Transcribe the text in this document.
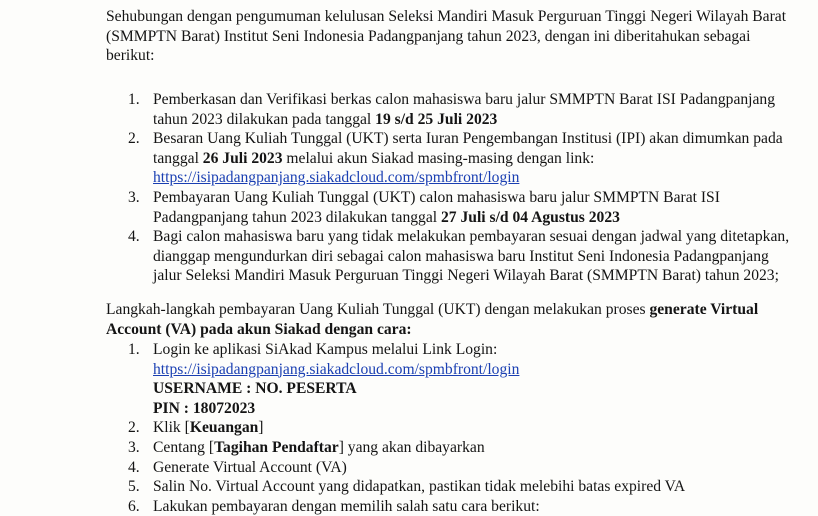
Sehubungan dengan pengumuman kelulusan Seleksi Mandiri Masuk Perguruan Tinggi Negeri Wilayah Barat (SMMPTN Barat) Institut Seni Indonesia Padangpanjang tahun 2023, dengan ini diberitahukan sebagai berikut:

1. Pemberkasan dan Verifikasi berkas calon mahasiswa baru jalur SMMPTN Barat ISI Padangpanjang tahun 2023 dilakukan pada tanggal 19 s/d 25 Juli 2023
2. Besaran Uang Kuliah Tunggal (UKT) serta Iuran Pengembangan Institusi (IPI) akan dimumkan pada tanggal 26 Juli 2023 melalui akun Siakad masing-masing dengan link:
https://isipadangpanjang.siakadcloud.com/spmbfront/login
3. Pembayaran Uang Kuliah Tunggal (UKT) calon mahasiswa baru jalur SMMPTN Barat ISI Padangpanjang tahun 2023 dilakukan tanggal 27 Juli s/d 04 Agustus 2023
4. Bagi calon mahasiswa baru yang tidak melakukan pembayaran sesuai dengan jadwal yang ditetapkan, dianggap mengundurkan diri sebagai calon mahasiswa baru Institut Seni Indonesia Padangpanjang jalur Seleksi Mandiri Masuk Perguruan Tinggi Negeri Wilayah Barat (SMMPTN Barat) tahun 2023;

Langkah-langkah pembayaran Uang Kuliah Tunggal (UKT) dengan melakukan proses generate Virtual Account (VA) pada akun Siakad dengan cara:

1. Login ke aplikasi SiAkad Kampus melalui Link Login:
https://isipadangpanjang.siakadcloud.com/spmbfront/login
USERNAME : NO. PESERTA
PIN : 18072023
2. Klik [Keuangan]
3. Centang [Tagihan Pendaftar] yang akan dibayarkan
4. Generate Virtual Account (VA)
5. Salin No. Virtual Account yang didapatkan, pastikan tidak melebihi batas expired VA
6. Lakukan pembayaran dengan memilih salah satu cara berikut:
